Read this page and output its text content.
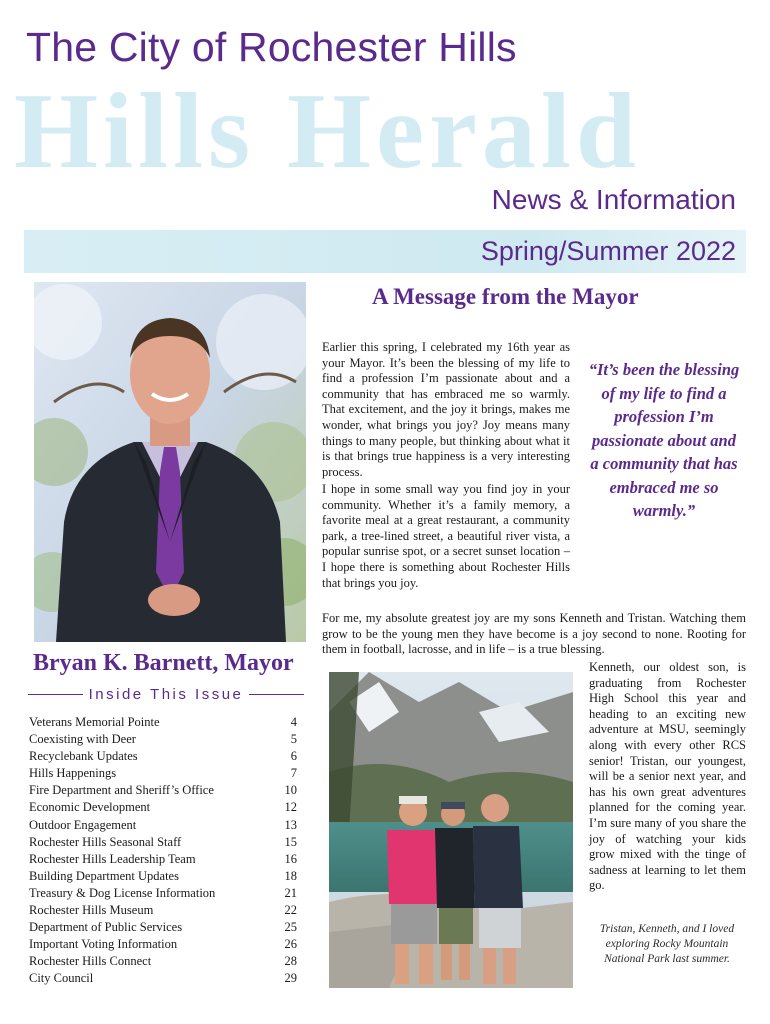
The City of Rochester Hills
Hills Herald
News & Information
Spring/Summer 2022
A Message from the Mayor
Bryan K. Barnett, Mayor
Inside This Issue
Veterans Memorial Pointe	4
Coexisting with Deer	5
Recyclebank Updates	6
Hills Happenings	7
Fire Department and Sheriff’s Office	10
Economic Development	12
Outdoor Engagement	13
Rochester Hills Seasonal Staff	15
Rochester Hills Leadership Team	16
Building Department Updates	18
Treasury & Dog License Information	21
Rochester Hills Museum	22
Department of Public Services	25
Important Voting Information	26
Rochester Hills Connect	28
City Council	29
Earlier this spring, I celebrated my 16th year as your Mayor. It’s been the blessing of my life to find a profession I’m passionate about and a community that has embraced me so warmly. That excitement, and the joy it brings, makes me wonder, what brings you joy? Joy means many things to many people, but thinking about what it is that brings true happiness is a very interesting process.
I hope in some small way you find joy in your community. Whether it’s a family memory, a favorite meal at a great restaurant, a community park, a tree-lined street, a beautiful river vista, a popular sunrise spot, or a secret sunset location – I hope there is something about Rochester Hills that brings you joy.
For me, my absolute greatest joy are my sons Kenneth and Tristan. Watching them grow to be the young men they have become is a joy second to none. Rooting for them in football, lacrosse, and in life – is a true blessing.
Kenneth, our oldest son, is graduating from Rochester High School this year and heading to an exciting new adventure at MSU, seemingly along with every other RCS senior! Tristan, our youngest, will be a senior next year, and has his own great adventures planned for the coming year. I’m sure many of you share the joy of watching your kids grow mixed with the tinge of sadness at learning to let them go.
“It’s been the blessing of my life to find a profession I’m passionate about and a community that has embraced me so warmly.”
Tristan, Kenneth, and I loved exploring Rocky Mountain National Park last summer.
